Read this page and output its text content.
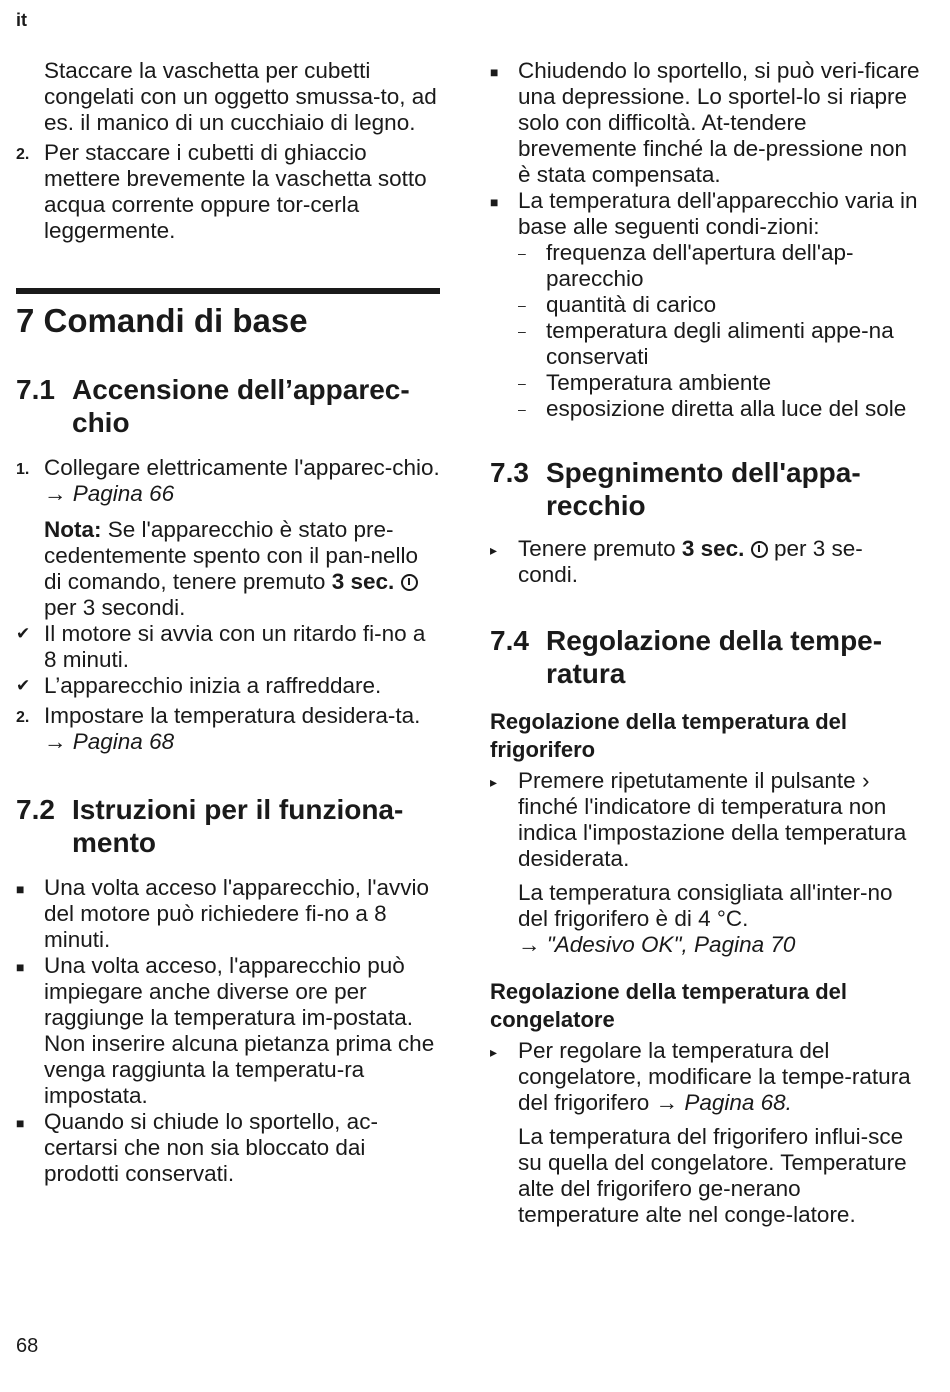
it

Staccare la vaschetta per cubetti congelati con un oggetto smussa-to, ad es. il manico di un cucchiaio di legno.

2. Per staccare i cubetti di ghiaccio mettere brevemente la vaschetta sotto acqua corrente oppure tor-cerla leggermente.
7 Comandi di base
7.1 Accensione dell’apparec-chio
1. Collegare elettricamente l'apparec-chio. → Pagina 66

Nota: Se l'apparecchio è stato pre-cedentemente spento con il pan-nello di comando, tenere premuto 3 sec.  per 3 secondi.

✔ Il motore si avvia con un ritardo fi-no a 8 minuti.
✔ L’apparecchio inizia a raffreddare.
2. Impostare la temperatura desidera-ta. → Pagina 68
7.2 Istruzioni per il funziona-mento
■ Una volta acceso l'apparecchio, l'avvio del motore può richiedere fi-no a 8 minuti.
■ Una volta acceso, l'apparecchio può impiegare anche diverse ore per raggiunge la temperatura im-postata.
Non inserire alcuna pietanza prima che venga raggiunta la temperatu-ra impostata.
■ Quando si chiude lo sportello, ac-certarsi che non sia bloccato dai prodotti conservati.
■ Chiudendo lo sportello, si può veri-ficare una depressione. Lo sportel-lo si riapre solo con difficoltà. At-tendere brevemente finché la de-pressione non è stata compensata.
■ La temperatura dell'apparecchio varia in base alle seguenti condi-zioni:
– frequenza dell'apertura dell'ap-parecchio
– quantità di carico
– temperatura degli alimenti appe-na conservati
– Temperatura ambiente
– esposizione diretta alla luce del sole
7.3 Spegnimento dell'appa-recchio
▸ Tenere premuto 3 sec. per 3 se-condi.
7.4 Regolazione della tempe-ratura
Regolazione della temperatura del frigorifero
▸ Premere ripetutamente il pulsante › finché l'indicatore di temperatura non indica l'impostazione della temperatura desiderata.

La temperatura consigliata all'inter-no del frigorifero è di 4 °C.
→ "Adesivo OK", Pagina 70

Regolazione della temperatura del congelatore
▸ Per regolare la temperatura del congelatore, modificare la tempe-ratura del frigorifero → Pagina 68.

La temperatura del frigorifero influi-sce su quella del congelatore. Temperature alte del frigorifero ge-nerano temperature alte nel conge-latore.

68
